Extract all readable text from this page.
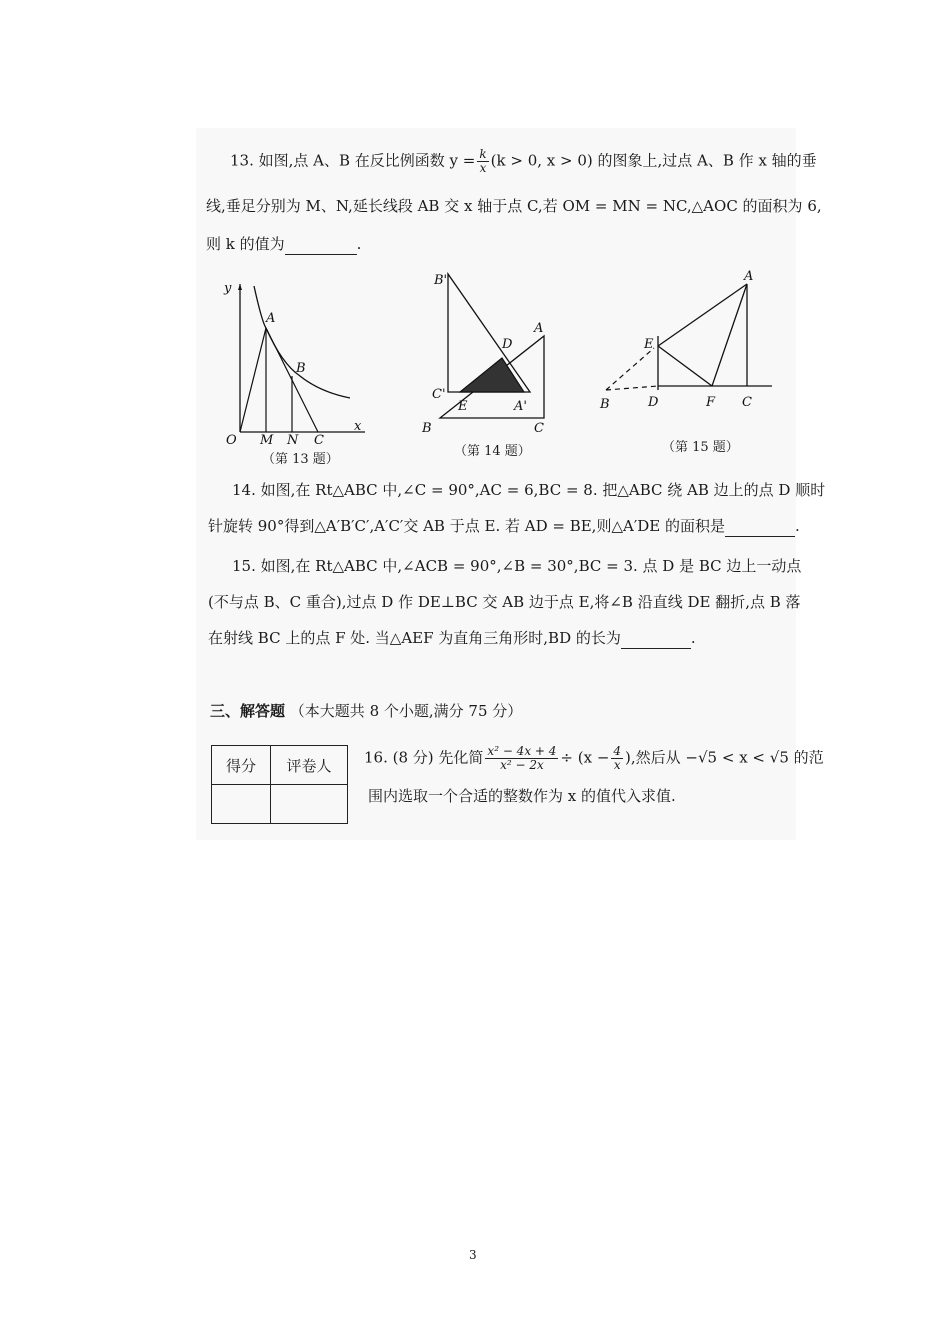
13. 如图,点 A、B 在反比例函数 $y = \frac{k}{x} (k > 0$, x > 0) 的图象上,过点 A、B 作 x 轴的垂
线,垂足分别为 M、N,延长线段 AB 交 x 轴于点 C,若 OM = MN = NC,△AOC 的面积为 6,
则 k 的值为	.
y
x
O
A
B
M N C
（第 13 题）
B'
C'
D
A
E	A'
B	C
（第 14 题）
A
E
B	D	F C
（第 15 题）
14. 如图,在 Rt△ABC 中,∠C = 90°,AC = 6,BC = 8. 把△ABC 绕 AB 边上的点 D 顺时
针旋转 90°得到△A′B′C′,A′C′交 AB 于点 E. 若 AD = BE,则△A′DE 的面积是	.
15. 如图,在 Rt△ABC 中,∠ACB = 90°,∠B = 30°,BC = 3. 点 D 是 BC 边上一动点
(不与点 B、C 重合),过点 D 作 DE⊥BC 交 AB 边于点 E,将∠B 沿直线 DE 翻折,点 B 落
在射线 BC 上的点 F 处. 当△AEF 为直角三角形时,BD 的长为	.
三、解答题 （本大题共 8 个小题,满分 75 分）
得分	评卷人
	16. (8 分) 先化简 $\frac{\text{x² − 4x + 4}}{\text{x² − 2x}} \div (x - \frac{4}{x}$ ),然后从 −√5 < x < √5 的范
围内选取一个合适的整数作为 x 的值代入求值.
3
